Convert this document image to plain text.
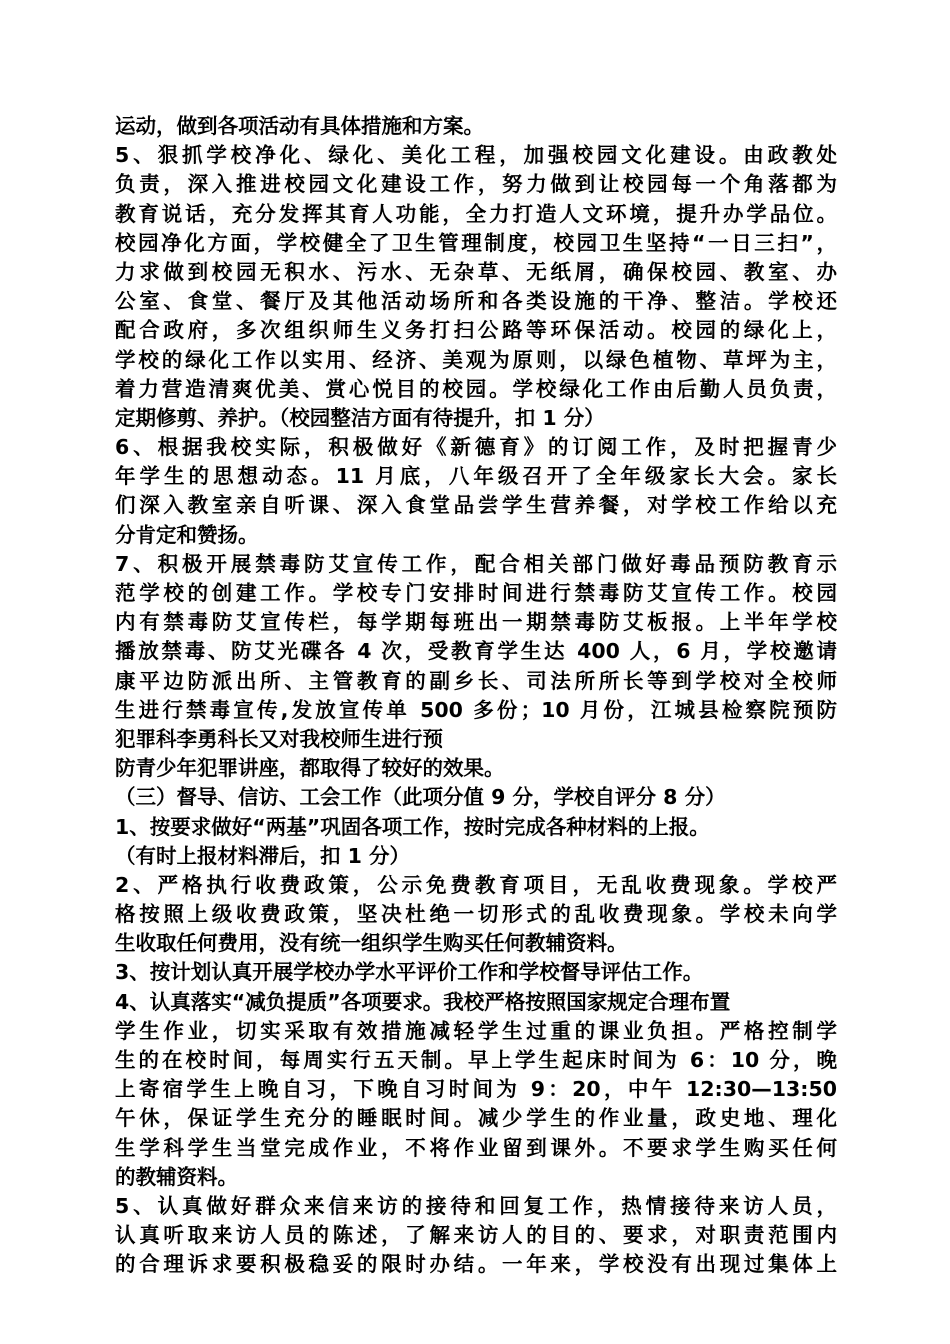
运动，做到各项活动有具体措施和方案。
5、狠抓学校净化、绿化、美化工程，加强校园文化建设。由政教处
负责，深入推进校园文化建设工作，努力做到让校园每一个角落都为
教育说话，充分发挥其育人功能，全力打造人文环境，提升办学品位。
校园净化方面，学校健全了卫生管理制度，校园卫生坚持“一日三扫”，
力求做到校园无积水、污水、无杂草、无纸屑，确保校园、教室、办
公室、食堂、餐厅及其他活动场所和各类设施的干净、整洁。学校还
配合政府，多次组织师生义务打扫公路等环保活动。校园的绿化上，
学校的绿化工作以实用、经济、美观为原则，以绿色植物、草坪为主，
着力营造清爽优美、赏心悦目的校园。学校绿化工作由后勤人员负责，
定期修剪、养护。（校园整洁方面有待提升，扣 1 分）
6、根据我校实际，积极做好《新德育》的订阅工作，及时把握青少
年学生的思想动态。11 月底，八年级召开了全年级家长大会。家长
们深入教室亲自听课、深入食堂品尝学生营养餐，对学校工作给以充
分肯定和赞扬。
7、积极开展禁毒防艾宣传工作，配合相关部门做好毒品预防教育示
范学校的创建工作。学校专门安排时间进行禁毒防艾宣传工作。校园
内有禁毒防艾宣传栏，每学期每班出一期禁毒防艾板报。上半年学校
播放禁毒、防艾光碟各 4 次，受教育学生达 400 人，6 月，学校邀请
康平边防派出所、主管教育的副乡长、司法所所长等到学校对全校师
生进行禁毒宣传,发放宣传单 500 多份；10 月份，江城县检察院预防
犯罪科李勇科长又对我校师生进行预
防青少年犯罪讲座，都取得了较好的效果。
（三）督导、信访、工会工作（此项分值 9 分，学校自评分 8 分）
1、按要求做好“两基”巩固各项工作，按时完成各种材料的上报。
（有时上报材料滞后，扣 1 分）
2、严格执行收费政策，公示免费教育项目，无乱收费现象。学校严
格按照上级收费政策，坚决杜绝一切形式的乱收费现象。学校未向学
生收取任何费用，没有统一组织学生购买任何教辅资料。
3、按计划认真开展学校办学水平评价工作和学校督导评估工作。
4、认真落实“减负提质”各项要求。我校严格按照国家规定合理布置
学生作业，切实采取有效措施减轻学生过重的课业负担。严格控制学
生的在校时间，每周实行五天制。早上学生起床时间为 6：10 分，晚
上寄宿学生上晚自习，下晚自习时间为 9：20，中午 12:30—13:50
午休，保证学生充分的睡眠时间。减少学生的作业量，政史地、理化
生学科学生当堂完成作业，不将作业留到课外。不要求学生购买任何
的教辅资料。
5、认真做好群众来信来访的接待和回复工作，热情接待来访人员，
认真听取来访人员的陈述，了解来访人的目的、要求，对职责范围内
的合理诉求要积极稳妥的限时办结。一年来，学校没有出现过集体上
